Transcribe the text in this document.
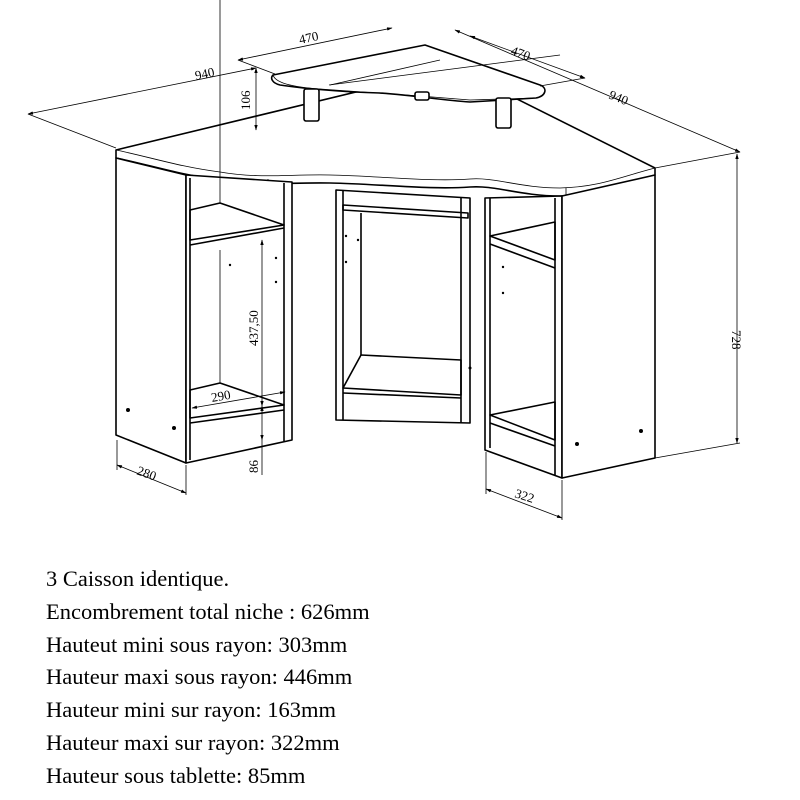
940
470
470
940
106
728
280
322
290
437,50
86
3 Caisson identique.
Encombrement total niche : 626mm
Hauteut mini sous rayon: 303mm
Hauteur maxi sous rayon: 446mm
Hauteur mini sur rayon: 163mm
Hauteur maxi sur rayon: 322mm
Hauteur sous tablette: 85mm
